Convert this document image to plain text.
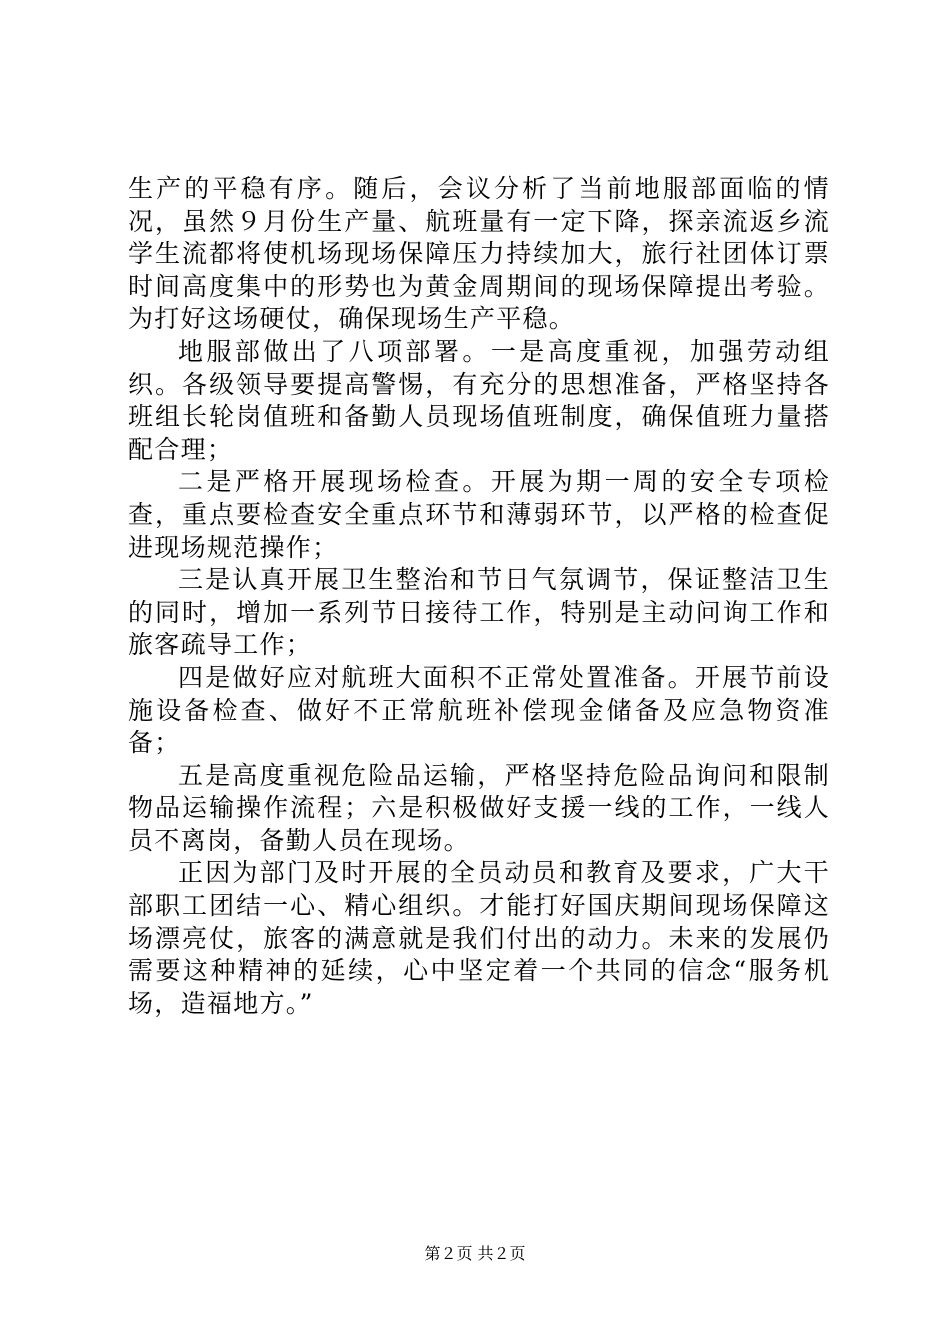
生产的平稳有序。随后，会议分析了当前地服部面临的情况，虽然９月份生产量、航班量有一定下降，探亲流返乡流学生流都将使机场现场保障压力持续加大，旅行社团体订票时间高度集中的形势也为黄金周期间的现场保障提出考验。为打好这场硬仗，确保现场生产平稳。

地服部做出了八项部署。一是高度重视，加强劳动组织。各级领导要提高警惕，有充分的思想准备，严格坚持各班组长轮岗值班和备勤人员现场值班制度，确保值班力量搭配合理；

二是严格开展现场检查。开展为期一周的安全专项检查，重点要检查安全重点环节和薄弱环节，以严格的检查促进现场规范操作；

三是认真开展卫生整治和节日气氛调节，保证整洁卫生的同时，增加一系列节日接待工作，特别是主动问询工作和旅客疏导工作；

四是做好应对航班大面积不正常处置准备。开展节前设施设备检查、做好不正常航班补偿现金储备及应急物资准备；

五是高度重视危险品运输，严格坚持危险品询问和限制物品运输操作流程；六是积极做好支援一线的工作，一线人员不离岗，备勤人员在现场。

正因为部门及时开展的全员动员和教育及要求，广大干部职工团结一心、精心组织。才能打好国庆期间现场保障这场漂亮仗，旅客的满意就是我们付出的动力。未来的发展仍需要这种精神的延续，心中坚定着一个共同的信念“服务机场，造福地方。”

第２页 共２页
